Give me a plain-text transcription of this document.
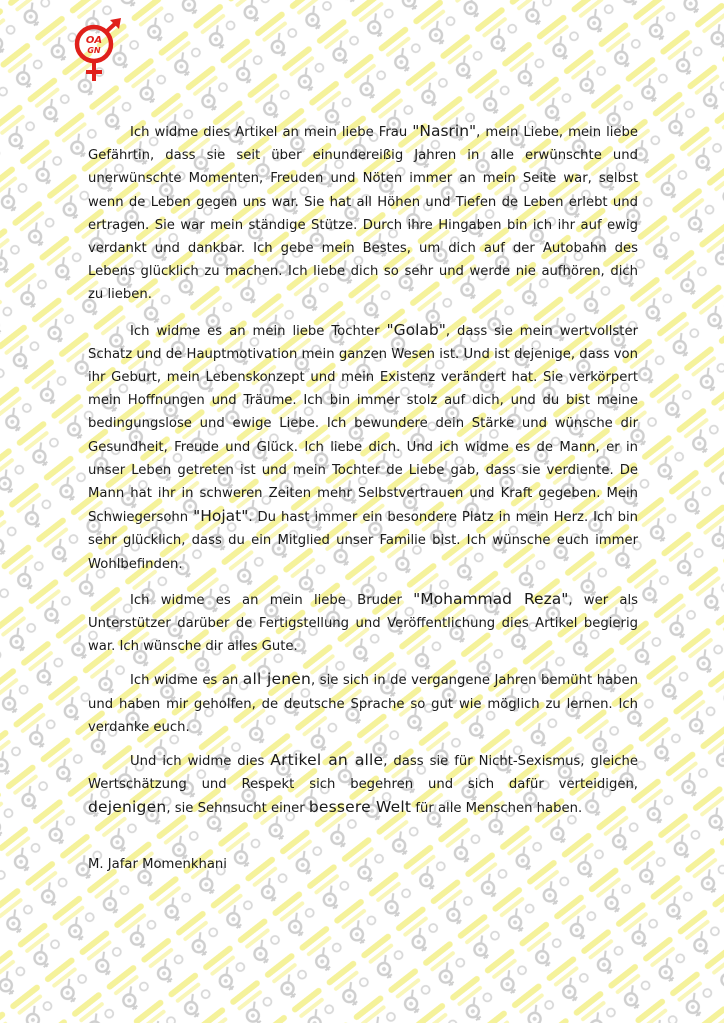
OA
GN

Ich widme dies Artikel an mein liebe Frau "Nasrin", mein Liebe, mein liebe Gefährtin, dass sie seit über einundereißig Jahren in alle erwünschte und unerwünschte Momenten, Freuden und Nöten immer an mein Seite war, selbst wenn de Leben gegen uns war. Sie hat all Höhen und Tiefen de Leben erlebt und ertragen. Sie war mein ständige Stütze. Durch ihre Hingaben bin ich ihr auf ewig verdankt und dankbar. Ich gebe mein Bestes, um dich auf der Autobahn des Lebens glücklich zu machen. Ich liebe dich so sehr und werde nie aufhören, dich zu lieben.

Ich widme es an mein liebe Tochter "Golab", dass sie mein wertvollster Schatz und de Hauptmotivation mein ganzen Wesen ist. Und ist dejenige, dass von ihr Geburt, mein Lebenskonzept und mein Existenz verändert hat. Sie verkörpert mein Hoffnungen und Träume. Ich bin immer stolz auf dich, und du bist meine bedingungslose und ewige Liebe. Ich bewundere dein Stärke und wünsche dir Gesundheit, Freude und Glück. Ich liebe dich. Und ich widme es de Mann, er in unser Leben getreten ist und mein Tochter de Liebe gab, dass sie verdiente. De Mann hat ihr in schweren Zeiten mehr Selbstvertrauen und Kraft gegeben. Mein Schwiegersohn "Hojat". Du hast immer ein besondere Platz in mein Herz. Ich bin sehr glücklich, dass du ein Mitglied unser Familie bist. Ich wünsche euch immer Wohlbefinden.

Ich widme es an mein liebe Bruder "Mohammad Reza", wer als Unterstützer darüber de Fertigstellung und Veröffentlichung dies Artikel begierig war. Ich wünsche dir alles Gute.

Ich widme es an all jenen, sie sich in de vergangene Jahren bemüht haben und haben mir geholfen, de deutsche Sprache so gut wie möglich zu lernen. Ich verdanke euch.

Und ich widme dies Artikel an alle, dass sie für Nicht-Sexismus, gleiche Wertschätzung und Respekt sich begehren und sich dafür verteidigen, dejenigen, sie Sehnsucht einer bessere Welt für alle Menschen haben.

M. Jafar Momenkhani
